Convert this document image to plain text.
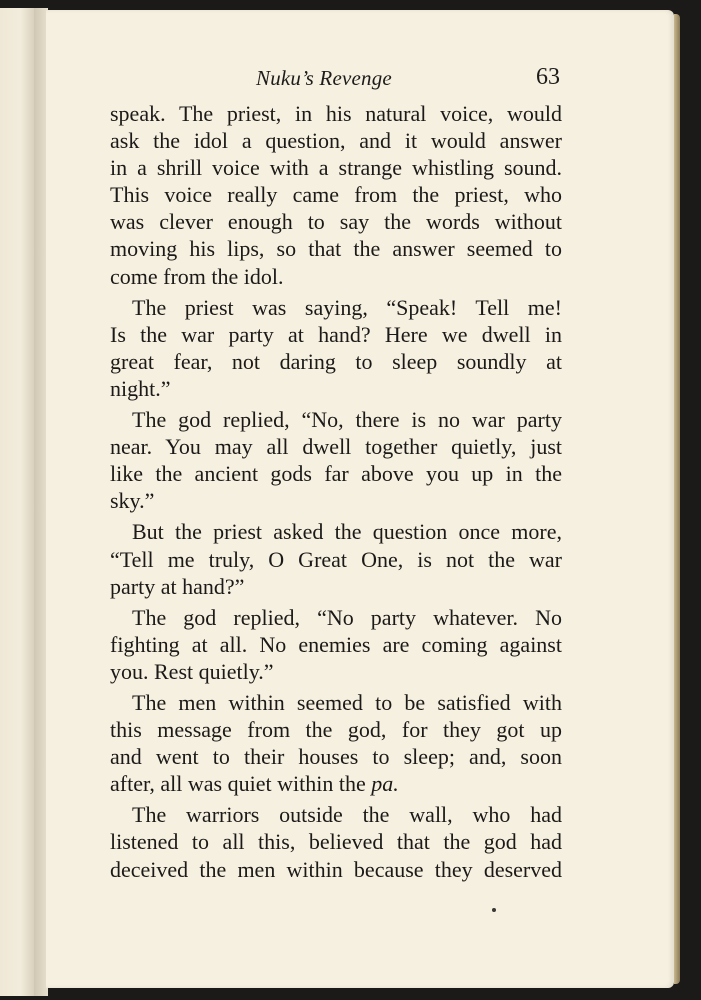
Nuku’s Revenge	63
speak. The priest, in his natural voice, would
ask the idol a question, and it would answer
in a shrill voice with a strange whistling sound.
This voice really came from the priest, who
was clever enough to say the words without
moving his lips, so that the answer seemed to
come from the idol.
The priest was saying, “Speak! Tell me!
Is the war party at hand? Here we dwell in
great fear, not daring to sleep soundly at
night.”
The god replied, “No, there is no war party
near. You may all dwell together quietly, just
like the ancient gods far above you up in the
sky.”
But the priest asked the question once more,
“Tell me truly, O Great One, is not the war
party at hand?”
The god replied, “No party whatever. No
fighting at all. No enemies are coming against
you. Rest quietly.”
The men within seemed to be satisfied with
this message from the god, for they got up
and went to their houses to sleep; and, soon
after, all was quiet within the pa.
The warriors outside the wall, who had
listened to all this, believed that the god had
deceived the men within because they deserved
